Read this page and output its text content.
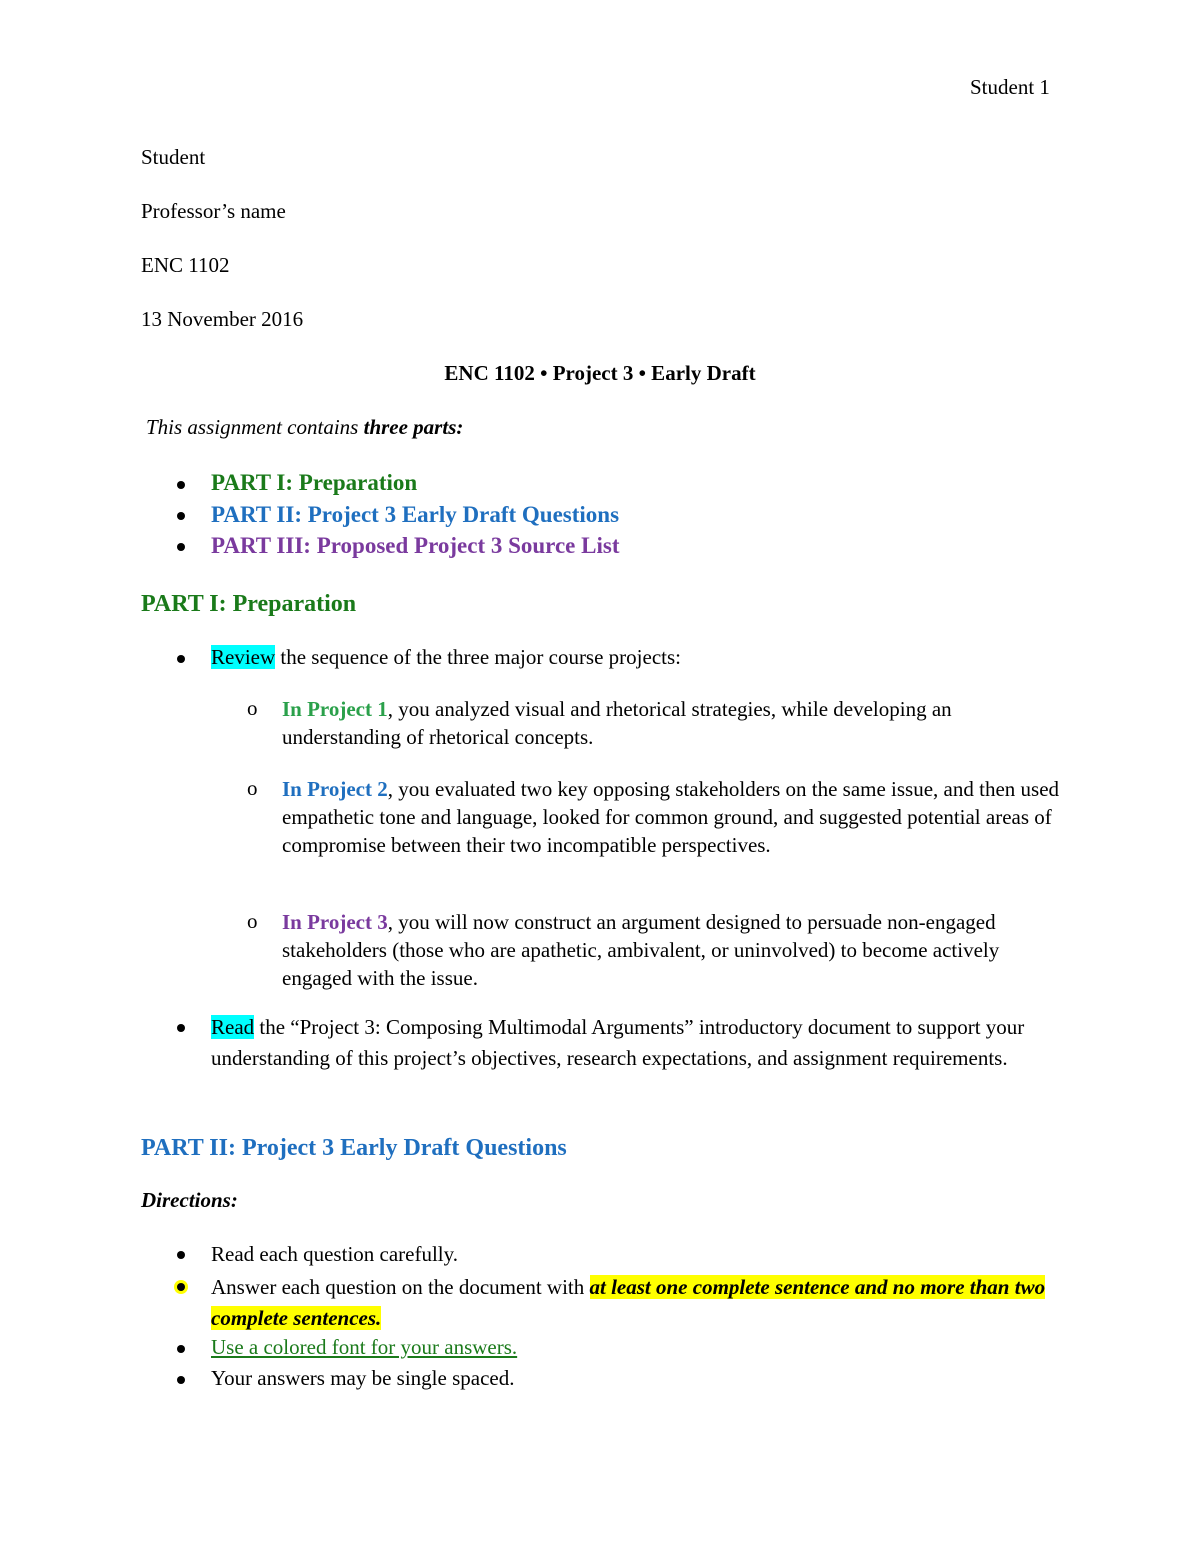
Student 1
Student
Professor’s name
ENC 1102
13 November 2016
ENC 1102 • Project 3 • Early Draft
This assignment contains three parts:
PART I: Preparation
PART II: Project 3 Early Draft Questions
PART III: Proposed Project 3 Source List
PART I: Preparation
Review the sequence of the three major course projects:
o In Project 1, you analyzed visual and rhetorical strategies, while developing an understanding of rhetorical concepts.
o In Project 2, you evaluated two key opposing stakeholders on the same issue, and then used empathetic tone and language, looked for common ground, and suggested potential areas of compromise between their two incompatible perspectives.
o In Project 3, you will now construct an argument designed to persuade non-engaged stakeholders (those who are apathetic, ambivalent, or uninvolved) to become actively engaged with the issue.
Read the “Project 3: Composing Multimodal Arguments” introductory document to support your understanding of this project’s objectives, research expectations, and assignment requirements.
PART II: Project 3 Early Draft Questions
Directions:
Read each question carefully.
Answer each question on the document with at least one complete sentence and no more than two complete sentences.
Use a colored font for your answers.
Your answers may be single spaced.
